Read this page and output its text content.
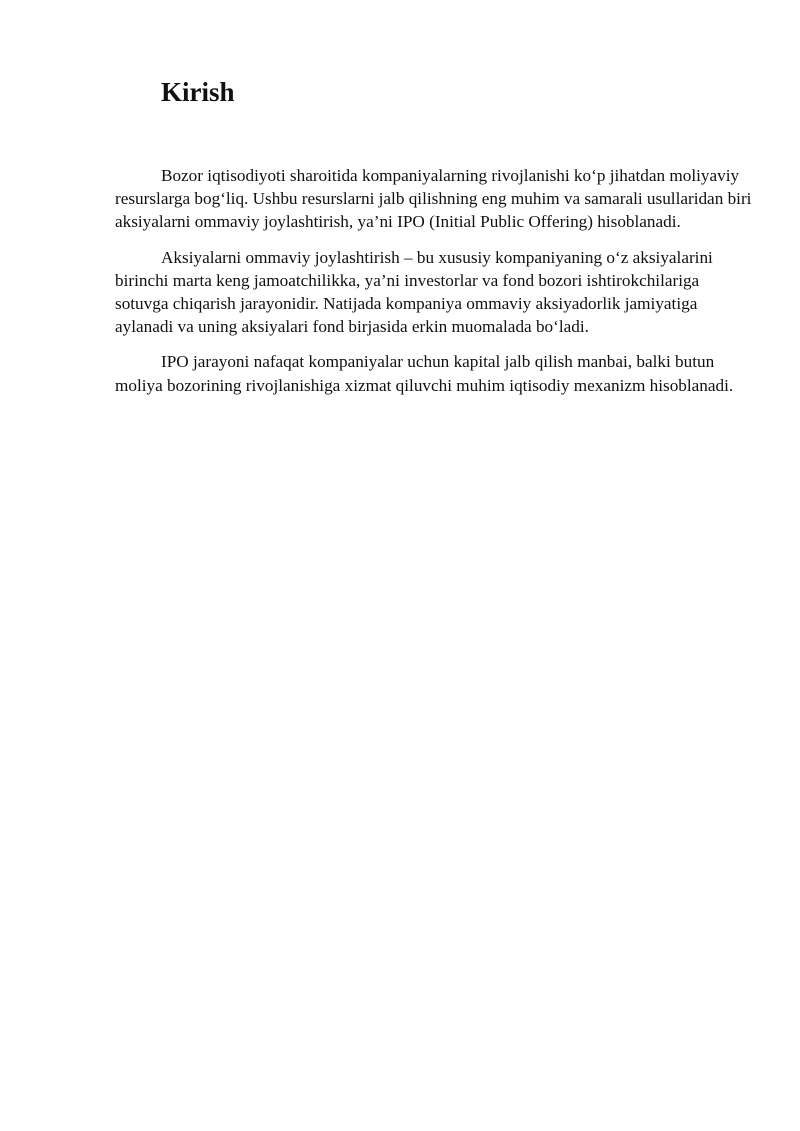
Kirish

Bozor iqtisodiyoti sharoitida kompaniyalarning rivojlanishi ko‘p jihatdan moliyaviy resurslarga bog‘liq. Ushbu resurslarni jalb qilishning eng muhim va samarali usullaridan biri aksiyalarni ommaviy joylashtirish, ya’ni IPO (Initial Public Offering) hisoblanadi.

Aksiyalarni ommaviy joylashtirish – bu xususiy kompaniyaning o‘z aksiyalarini birinchi marta keng jamoatchilikka, ya’ni investorlar va fond bozori ishtirokchilariga sotuvga chiqarish jarayonidir. Natijada kompaniya ommaviy aksiyadorlik jamiyatiga aylanadi va uning aksiyalari fond birjasida erkin muomalada bo‘ladi.

IPO jarayoni nafaqat kompaniyalar uchun kapital jalb qilish manbai, balki butun moliya bozorining rivojlanishiga xizmat qiluvchi muhim iqtisodiy mexanizm hisoblanadi.
